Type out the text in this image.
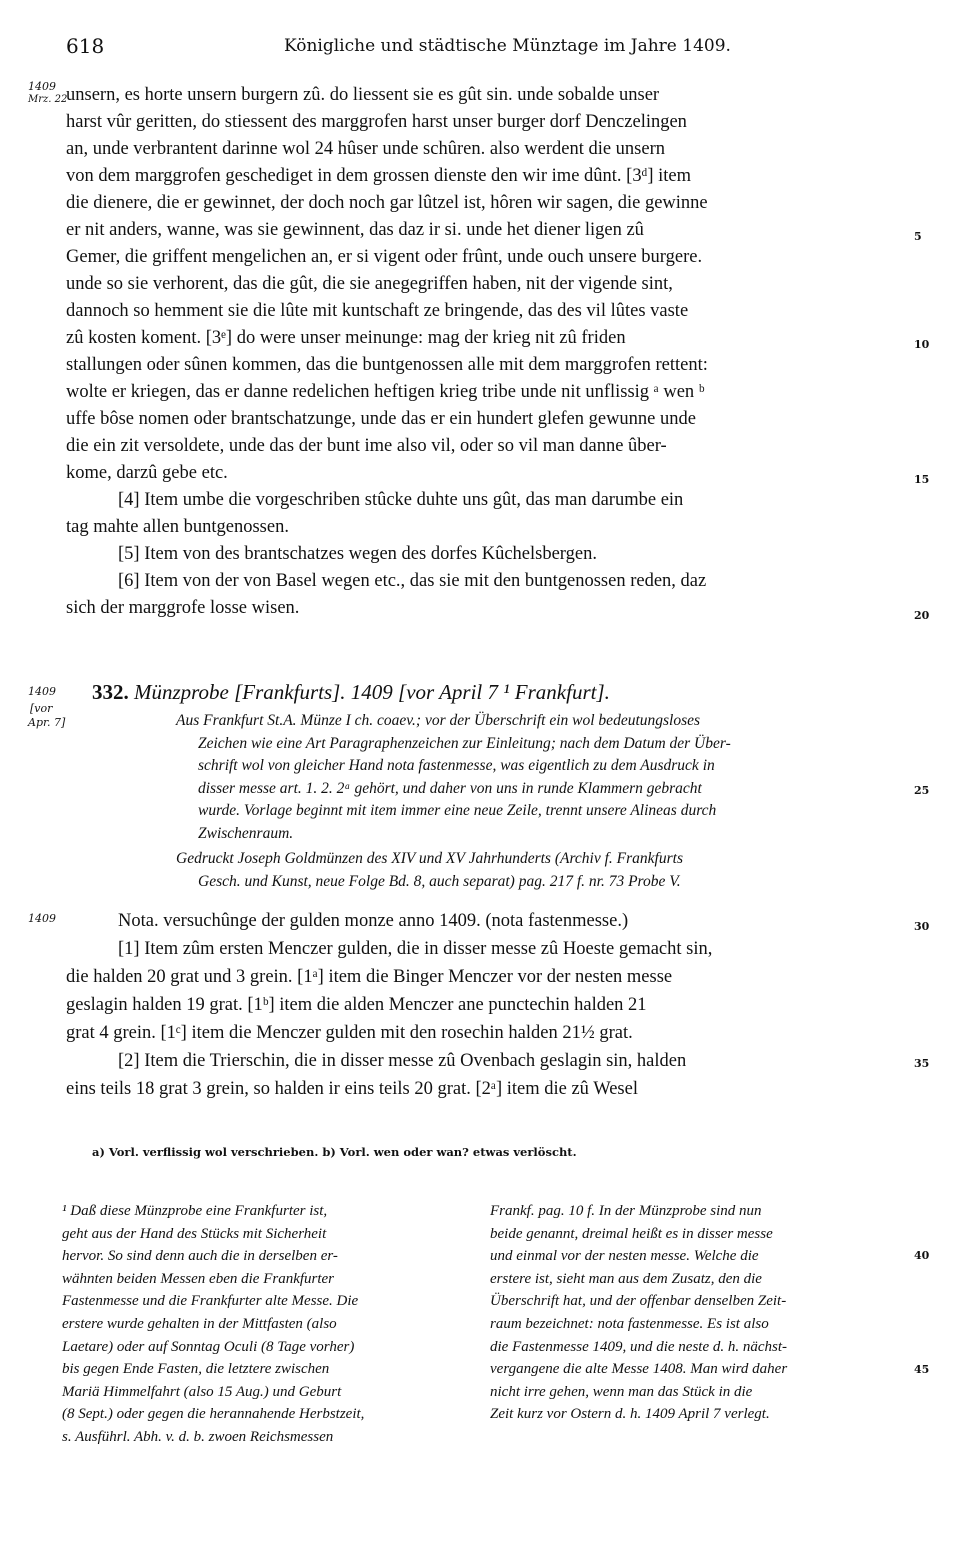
618	Königliche und städtische Münztage im Jahre 1409.
1409
Mrz. 22
unsern, es horte unsern burgern zû. do liessent sie es gût sin. unde sobalde unser
harst vûr geritten, do stiessent des marggrofen harst unser burger dorf Denczelingen
an, unde verbrantent darinne wol 24 hûser unde schûren. also werdent die unsern
von dem marggrofen geschediget in dem grossen dienste den wir ime dûnt. [3ᵈ] item
die dienere, die er gewinnet, der doch noch gar lûtzel ist, hôren wir sagen, die gewinne
er nit anders, wanne, was sie gewinnent, das daz ir si. unde het diener ligen zû
Gemer, die griffent mengelichen an, er si vigent oder frûnt, unde ouch unsere burgere.
unde so sie verhorent, das die gût, die sie anegegriffen haben, nit der vigende sint,
dannoch so hemment sie die lûte mit kuntschaft ze bringende, das des vil lûtes vaste
zû kosten koment. [3ᵉ] do were unser meinunge: mag der krieg nit zû friden
stallungen oder sûnen kommen, das die buntgenossen alle mit dem marggrofen rettent:
wolte er kriegen, das er danne redelichen heftigen krieg tribe unde nit unflissig ᵃ wen ᵇ
uffe bôse nomen oder brantschatzunge, unde das er ein hundert glefen gewunne unde
die ein zit versoldete, unde das der bunt ime also vil, oder so vil man danne ûber-
kome, darzû gebe etc.
[4] Item umbe die vorgeschriben stûcke duhte uns gût, das man darumbe ein
tag mahte allen buntgenossen.
[5] Item von des brantschatzes wegen des dorfes Kûchelsbergen.
[6] Item von der von Basel wegen etc., das sie mit den buntgenossen reden, daz
sich der marggrofe losse wisen.
5
10
15
20
1409
[vor
Apr. 7]
332. Münzprobe [Frankfurts]. 1409 [vor April 7 ¹ Frankfurt].
Aus Frankfurt St.A. Münze I ch. coaev.; vor der Überschrift ein wol bedeutungsloses
Zeichen wie eine Art Paragraphenzeichen zur Einleitung; nach dem Datum der Über-
schrift wol von gleicher Hand nota fastenmesse, was eigentlich zu dem Ausdruck in
disser messe art. 1. 2. 2ᵃ gehört, und daher von uns in runde Klammern gebracht
wurde. Vorlage beginnt mit item immer eine neue Zeile, trennt unsere Alineas durch
Zwischenraum.
Gedruckt Joseph Goldmünzen des XIV und XV Jahrhunderts (Archiv f. Frankfurts
Gesch. und Kunst, neue Folge Bd. 8, auch separat) pag. 217 f. nr. 73 Probe V.
25
1409	Nota. versuchûnge der gulden monze anno 1409. (nota fastenmesse.)
[1] Item zûm ersten Menczer gulden, die in disser messe zû Hoeste gemacht sin,
die halden 20 grat und 3 grein. [1ᵃ] item die Binger Menczer vor der nesten messe
geslagin halden 19 grat. [1ᵇ] item die alden Menczer ane punctechin halden 21
grat 4 grein. [1ᶜ] item die Menczer gulden mit den rosechin halden 21½ grat.
[2] Item die Trierschin, die in disser messe zû Ovenbach geslagin sin, halden
eins teils 18 grat 3 grein, so halden ir eins teils 20 grat. [2ᵃ] item die zû Wesel
30
35
a) Vorl. verflissig wol verschrieben. b) Vorl. wen oder wan? etwas verlöscht.
¹ Daß diese Münzprobe eine Frankfurter ist,
geht aus der Hand des Stücks mit Sicherheit
hervor. So sind denn auch die in derselben er-
wähnten beiden Messen eben die Frankfurter
Fastenmesse und die Frankfurter alte Messe. Die
erstere wurde gehalten in der Mittfasten (also
Laetare) oder auf Sonntag Oculi (8 Tage vorher)
bis gegen Ende Fasten, die letztere zwischen
Mariä Himmelfahrt (also 15 Aug.) und Geburt
(8 Sept.) oder gegen die herannahende Herbstzeit,
s. Ausführl. Abh. v. d. b. zwoen Reichsmessen
Frankf. pag. 10 f. In der Münzprobe sind nun
beide genannt, dreimal heißt es in disser messe
und einmal vor der nesten messe. Welche die
erstere ist, sieht man aus dem Zusatz, den die
Überschrift hat, und der offenbar denselben Zeit-
raum bezeichnet: nota fastenmesse. Es ist also
die Fastenmesse 1409, und die neste d. h. nächst-
vergangene die alte Messe 1408. Man wird daher
nicht irre gehen, wenn man das Stück in die
Zeit kurz vor Ostern d. h. 1409 April 7 verlegt.
40
45
